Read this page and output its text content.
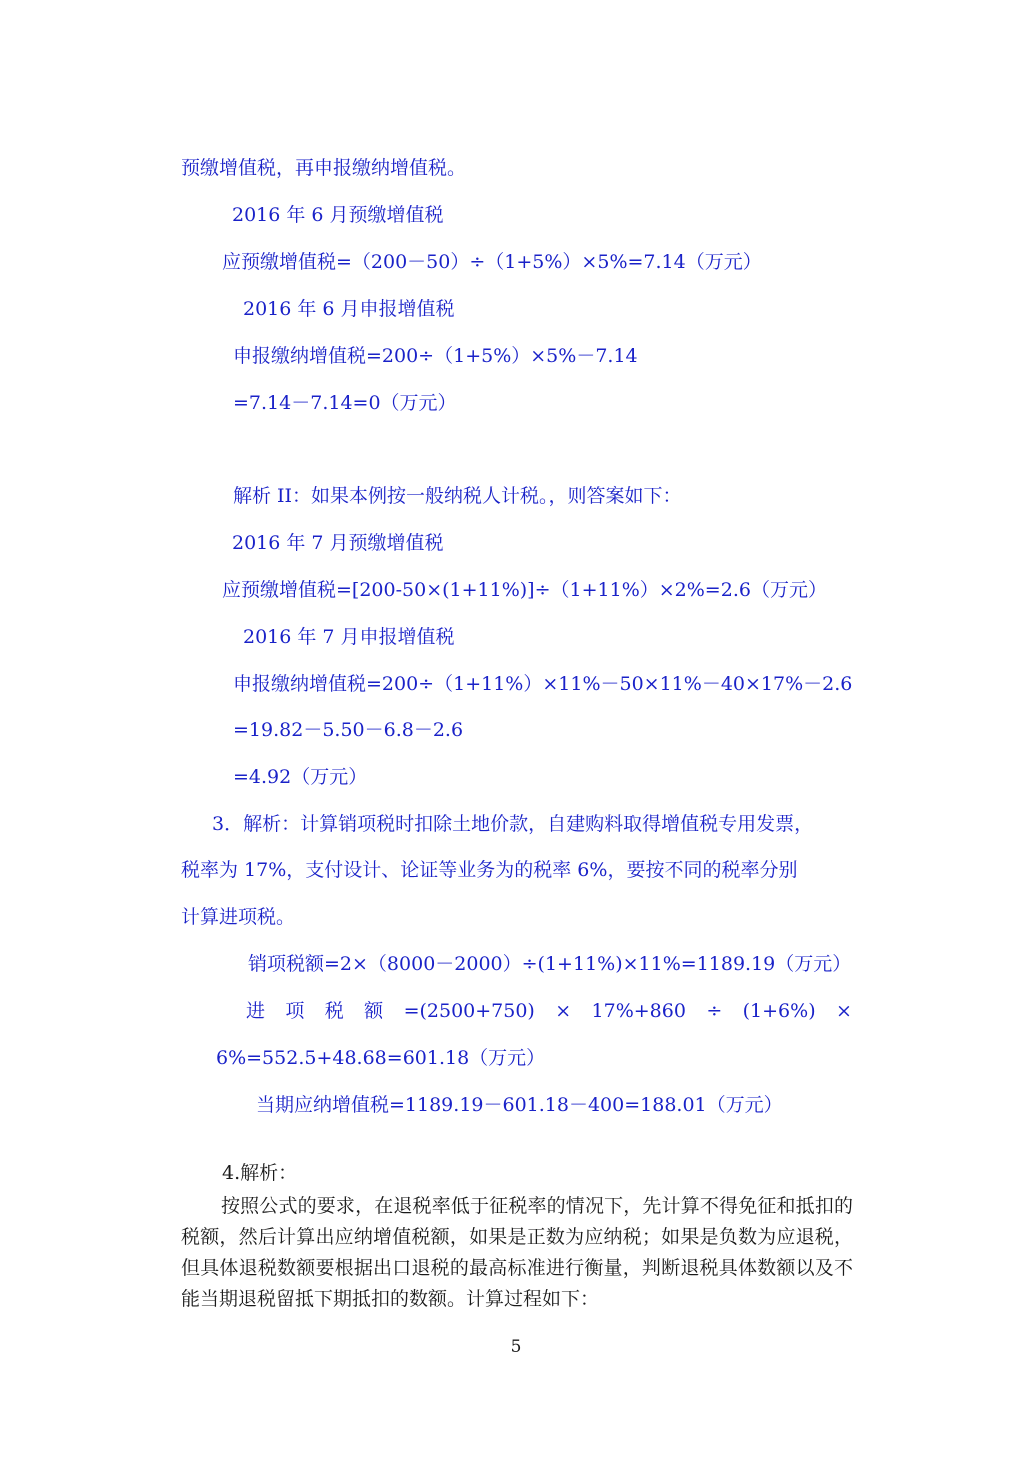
预缴增值税，再申报缴纳增值税。
2016 年 6 月预缴增值税
应预缴增值税=（200－50）÷（1+5%）×5%=7.14（万元）
2016 年 6 月申报增值税
申报缴纳增值税=200÷（1+5%）×5%－7.14
=7.14－7.14=0（万元）
解析 II：如果本例按一般纳税人计税。，则答案如下：
2016 年 7 月预缴增值税
应预缴增值税=[200-50×(1+11%)]÷（1+11%）×2%=2.6（万元）
2016 年 7 月申报增值税
申报缴纳增值税=200÷（1+11%）×11%－50×11%－40×17%－2.6
=19.82－5.50－6.8－2.6
=4.92（万元）
3．解析：计算销项税时扣除土地价款，自建购料取得增值税专用发票，
税率为 17%，支付设计、论证等业务为的税率 6%，要按不同的税率分别
计算进项税。
销项税额=2×（8000－2000）÷(1+11%)×11%=1189.19（万元）
进 项 税 额 =(2500+750) × 17%+860 ÷ (1+6%) ×
6%=552.5+48.68=601.18（万元）
当期应纳增值税=1189.19－601.18－400=188.01（万元）
4.解析：
按照公式的要求，在退税率低于征税率的情况下，先计算不得免征和抵扣的税额，然后计算出应纳增值税额，如果是正数为应纳税；如果是负数为应退税，但具体退税数额要根据出口退税的最高标准进行衡量，判断退税具体数额以及不能当期退税留抵下期抵扣的数额。计算过程如下：
5
